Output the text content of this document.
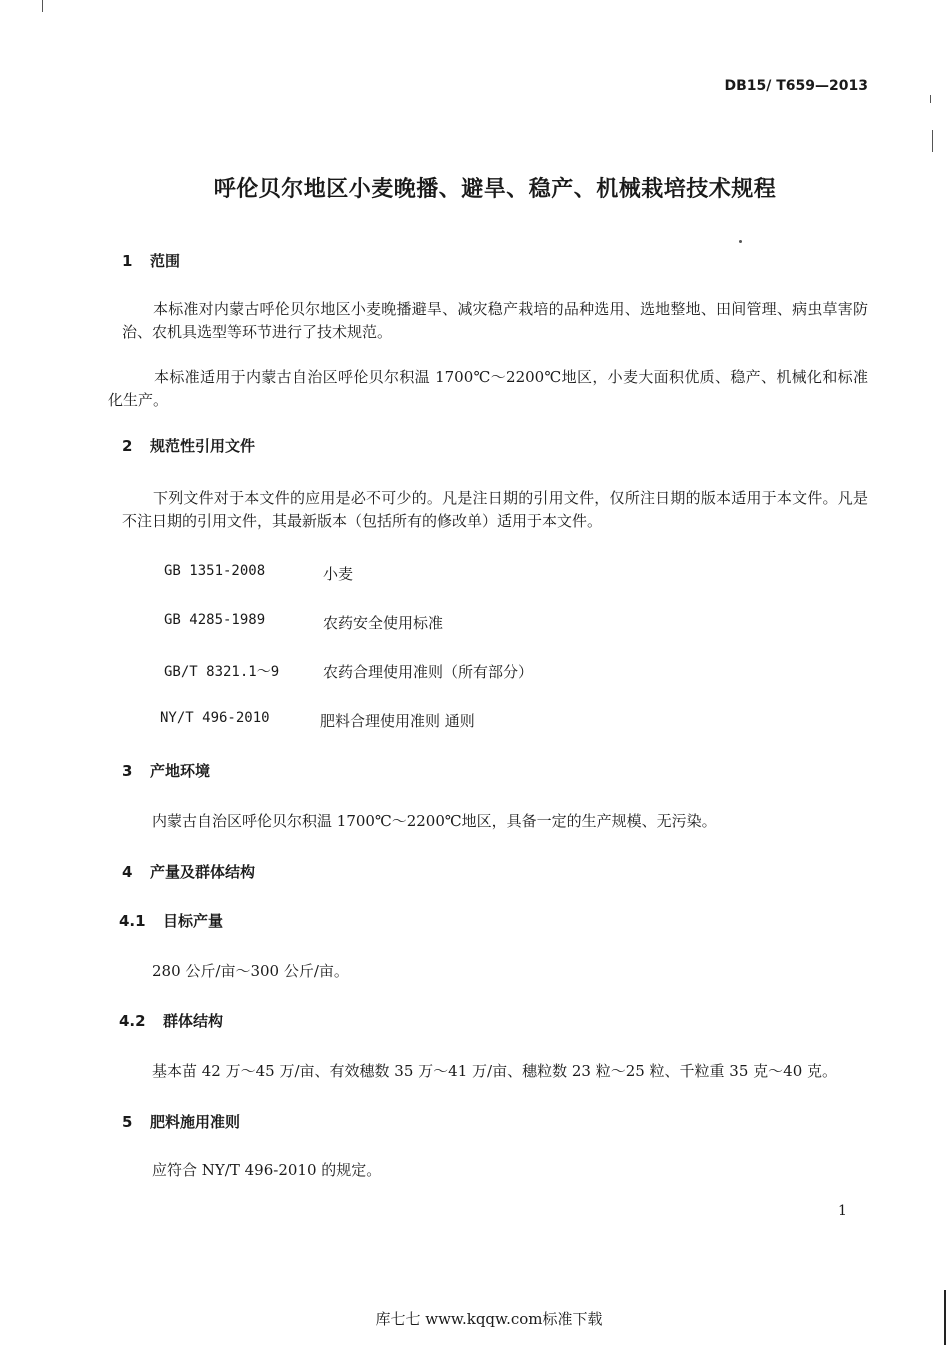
DB15/ T659—2013
呼伦贝尔地区小麦晚播、避旱、稳产、机械栽培技术规程
1 范围
本标准对内蒙古呼伦贝尔地区小麦晚播避旱、减灾稳产栽培的品种选用、选地整地、田间管理、病虫草害防治、农机具选型等环节进行了技术规范。
本标准适用于内蒙古自治区呼伦贝尔积温 1700℃～2200℃地区，小麦大面积优质、稳产、机械化和标准化生产。
2 规范性引用文件
下列文件对于本文件的应用是必不可少的。凡是注日期的引用文件，仅所注日期的版本适用于本文件。凡是不注日期的引用文件，其最新版本（包括所有的修改单）适用于本文件。
GB 1351-2008	小麦
GB 4285-1989	农药安全使用标准
GB/T 8321.1～9	农药合理使用准则（所有部分）
NY/T 496-2010	肥料合理使用准则 通则
3 产地环境
内蒙古自治区呼伦贝尔积温 1700℃～2200℃地区，具备一定的生产规模、无污染。
4 产量及群体结构
4.1 目标产量
280 公斤/亩～300 公斤/亩。
4.2 群体结构
基本苗 42 万～45 万/亩、有效穗数 35 万～41 万/亩、穗粒数 23 粒～25 粒、千粒重 35 克～40 克。
5 肥料施用准则
应符合 NY/T 496-2010 的规定。
1
库七七 www.kqqw.com标准下载
